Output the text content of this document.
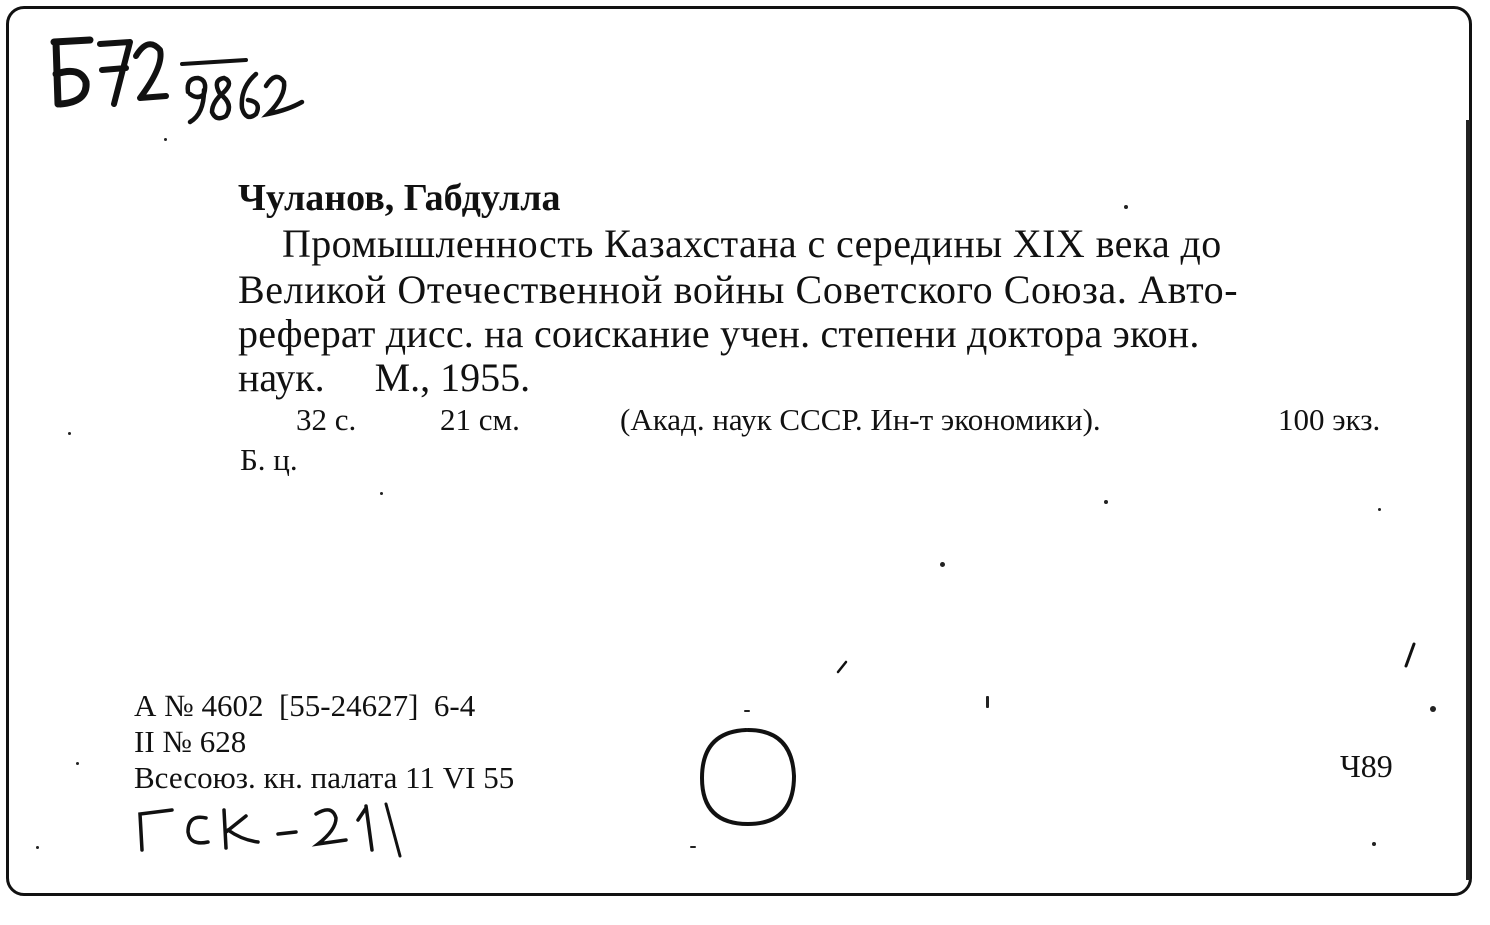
Чуланов, Габдулла
Промышленность Казахстана с середины XIX века до
Великой Отечественной войны Советского Союза. Авто-
реферат дисс. на соискание учен. степени доктора экон.
наук.     М., 1955.
32 с.	21 см.	(Акад. наук СССР. Ин-т экономики).	100 экз.
Б. ц.
А № 4602  [55-24627]  6-4
II № 628
Всесоюз. кн. палата 11 VI 55	Ч89
